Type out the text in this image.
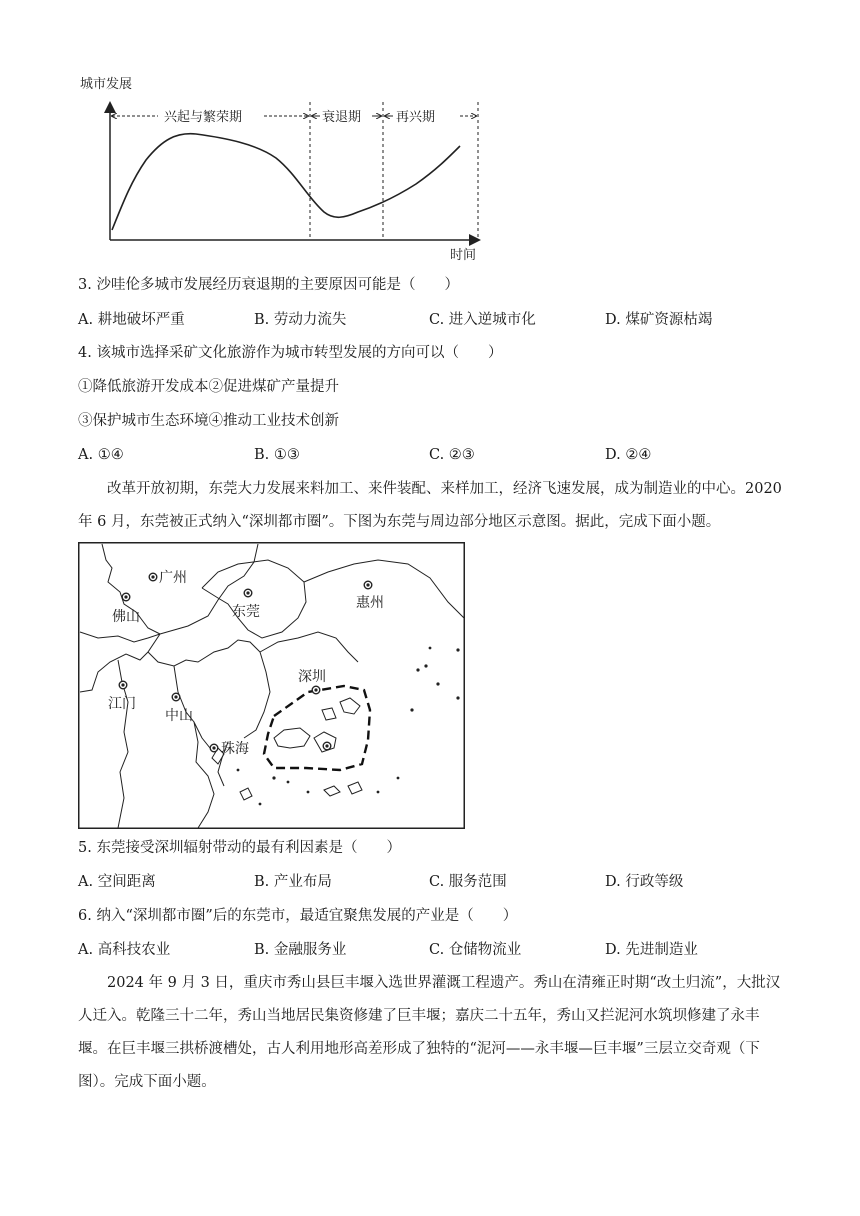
城市发展
时间
兴起与繁荣期	衰退期	再兴期
3. 沙哇伦多城市发展经历衰退期的主要原因可能是（　　）
A. 耕地破坏严重	B. 劳动力流失	C. 进入逆城市化	D. 煤矿资源枯竭
4. 该城市选择采矿文化旅游作为城市转型发展的方向可以（　　）
①降低旅游开发成本②促进煤矿产量提升
③保护城市生态环境④推动工业技术创新
A. ①④	B. ①③	C. ②③	D. ②④
改革开放初期，东莞大力发展来料加工、来件装配、来样加工，经济飞速发展，成为制造业的中心。2020 年 6 月，东莞被正式纳入“深圳都市圈”。下图为东莞与周边部分地区示意图。据此，完成下面小题。
广州
佛山	东莞
惠州
深圳
江门
中山
珠海
5. 东莞接受深圳辐射带动的最有利因素是（　　）
A. 空间距离	B. 产业布局	C. 服务范围	D. 行政等级
6. 纳入“深圳都市圈”后的东莞市，最适宜聚焦发展的产业是（　　）
A. 高科技农业	B. 金融服务业	C. 仓储物流业	D. 先进制造业
2024 年 9 月 3 日，重庆市秀山县巨丰堰入选世界灌溉工程遗产。秀山在清雍正时期“改土归流”，大批汉人迁入。乾隆三十二年，秀山当地居民集资修建了巨丰堰；嘉庆二十五年，秀山又拦泥河水筑坝修建了永丰堰。在巨丰堰三拱桥渡槽处，古人利用地形高差形成了独特的“泥河——永丰堰—巨丰堰”三层立交奇观（下图）。完成下面小题。
